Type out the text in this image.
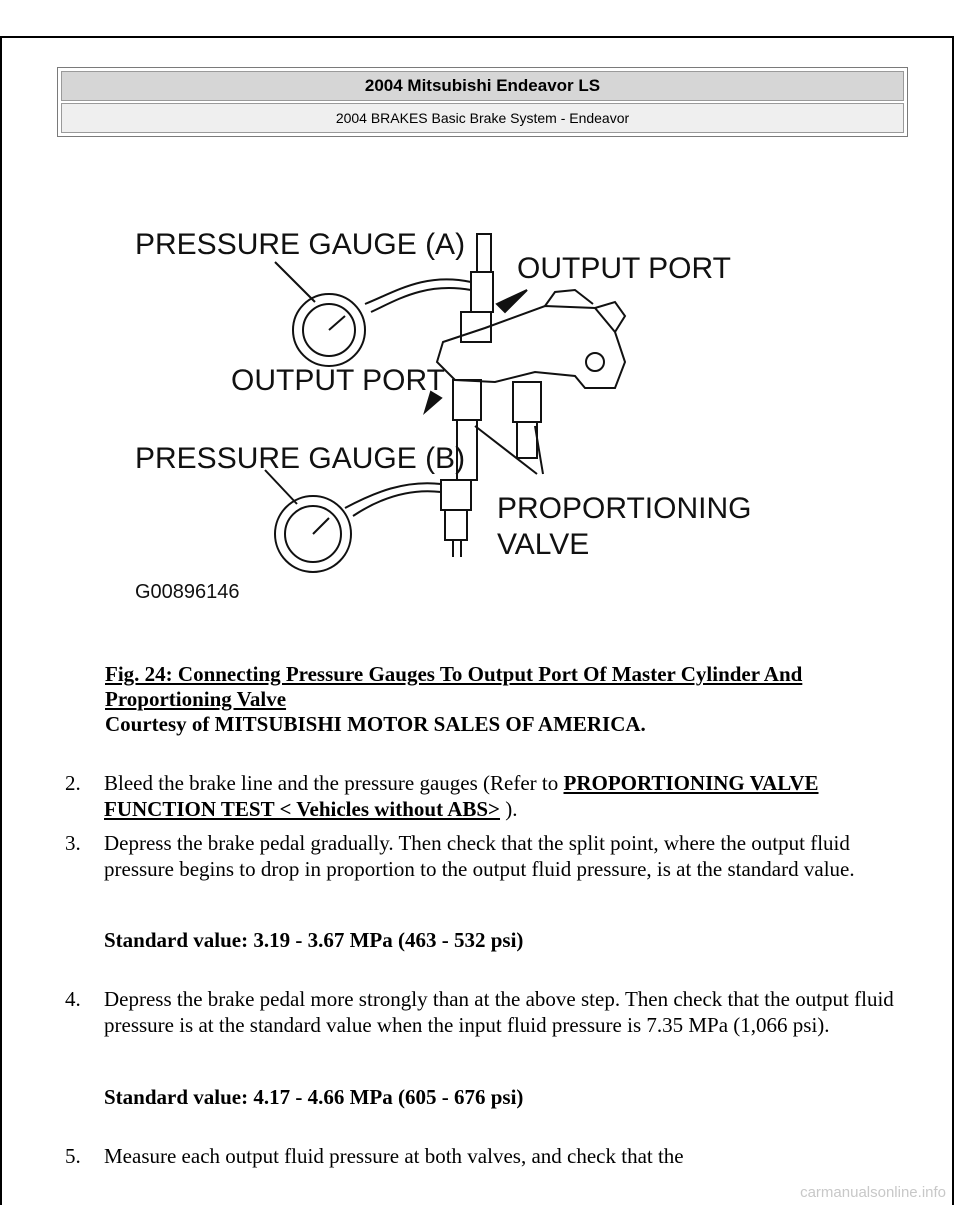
2004 Mitsubishi Endeavor LS
2004 BRAKES Basic Brake System - Endeavor
PRESSURE GAUGE (A)
OUTPUT PORT
OUTPUT PORT
PRESSURE GAUGE (B)
PROPORTIONING
VALVE
G00896146
Fig. 24: Connecting Pressure Gauges To Output Port Of Master Cylinder And Proportioning Valve
Courtesy of MITSUBISHI MOTOR SALES OF AMERICA.
2.	Bleed the brake line and the pressure gauges (Refer to PROPORTIONING VALVE FUNCTION TEST < Vehicles without ABS> ).
3.	Depress the brake pedal gradually. Then check that the split point, where the output fluid pressure begins to drop in proportion to the output fluid pressure, is at the standard value.
Standard value: 3.19 - 3.67 MPa (463 - 532 psi)
4.	Depress the brake pedal more strongly than at the above step. Then check that the output fluid pressure is at the standard value when the input fluid pressure is 7.35 MPa (1,066 psi).
Standard value: 4.17 - 4.66 MPa (605 - 676 psi)
5.	Measure each output fluid pressure at both valves, and check that the
carmanualsonline.info
